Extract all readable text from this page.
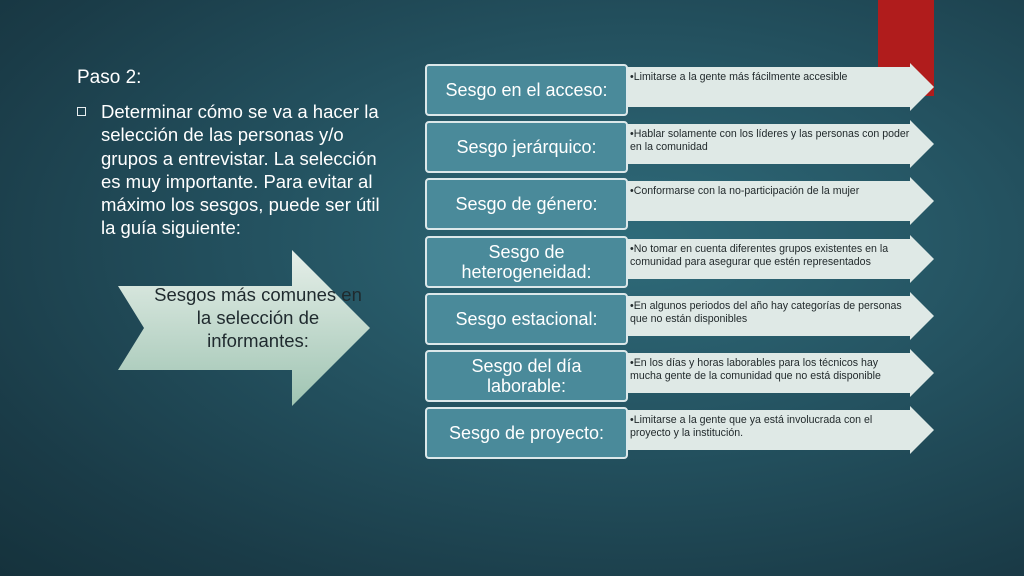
Paso 2:
Determinar cómo se va a hacer la selección de las personas y/o grupos a entrevistar. La selección es muy importante. Para evitar al máximo los sesgos, puede ser útil la guía siguiente:
Sesgos más comunes en la selección de informantes:
•Limitarse a la gente más fácilmente accesible
Sesgo en el acceso:
•Hablar solamente con los líderes y las personas con poder en la comunidad
Sesgo jerárquico:
•Conformarse con la no-participación de la mujer
Sesgo de género:
•No tomar en cuenta diferentes grupos existentes en la comunidad para asegurar que estén representados
Sesgo de heterogeneidad:
•En algunos periodos del año hay categorías de personas que no están disponibles
Sesgo estacional:
•En los días y horas laborables para los técnicos hay mucha gente de la comunidad que no está disponible
Sesgo del día laborable:
•Limitarse a la gente que ya está involucrada con el proyecto y la institución.
Sesgo de proyecto:
